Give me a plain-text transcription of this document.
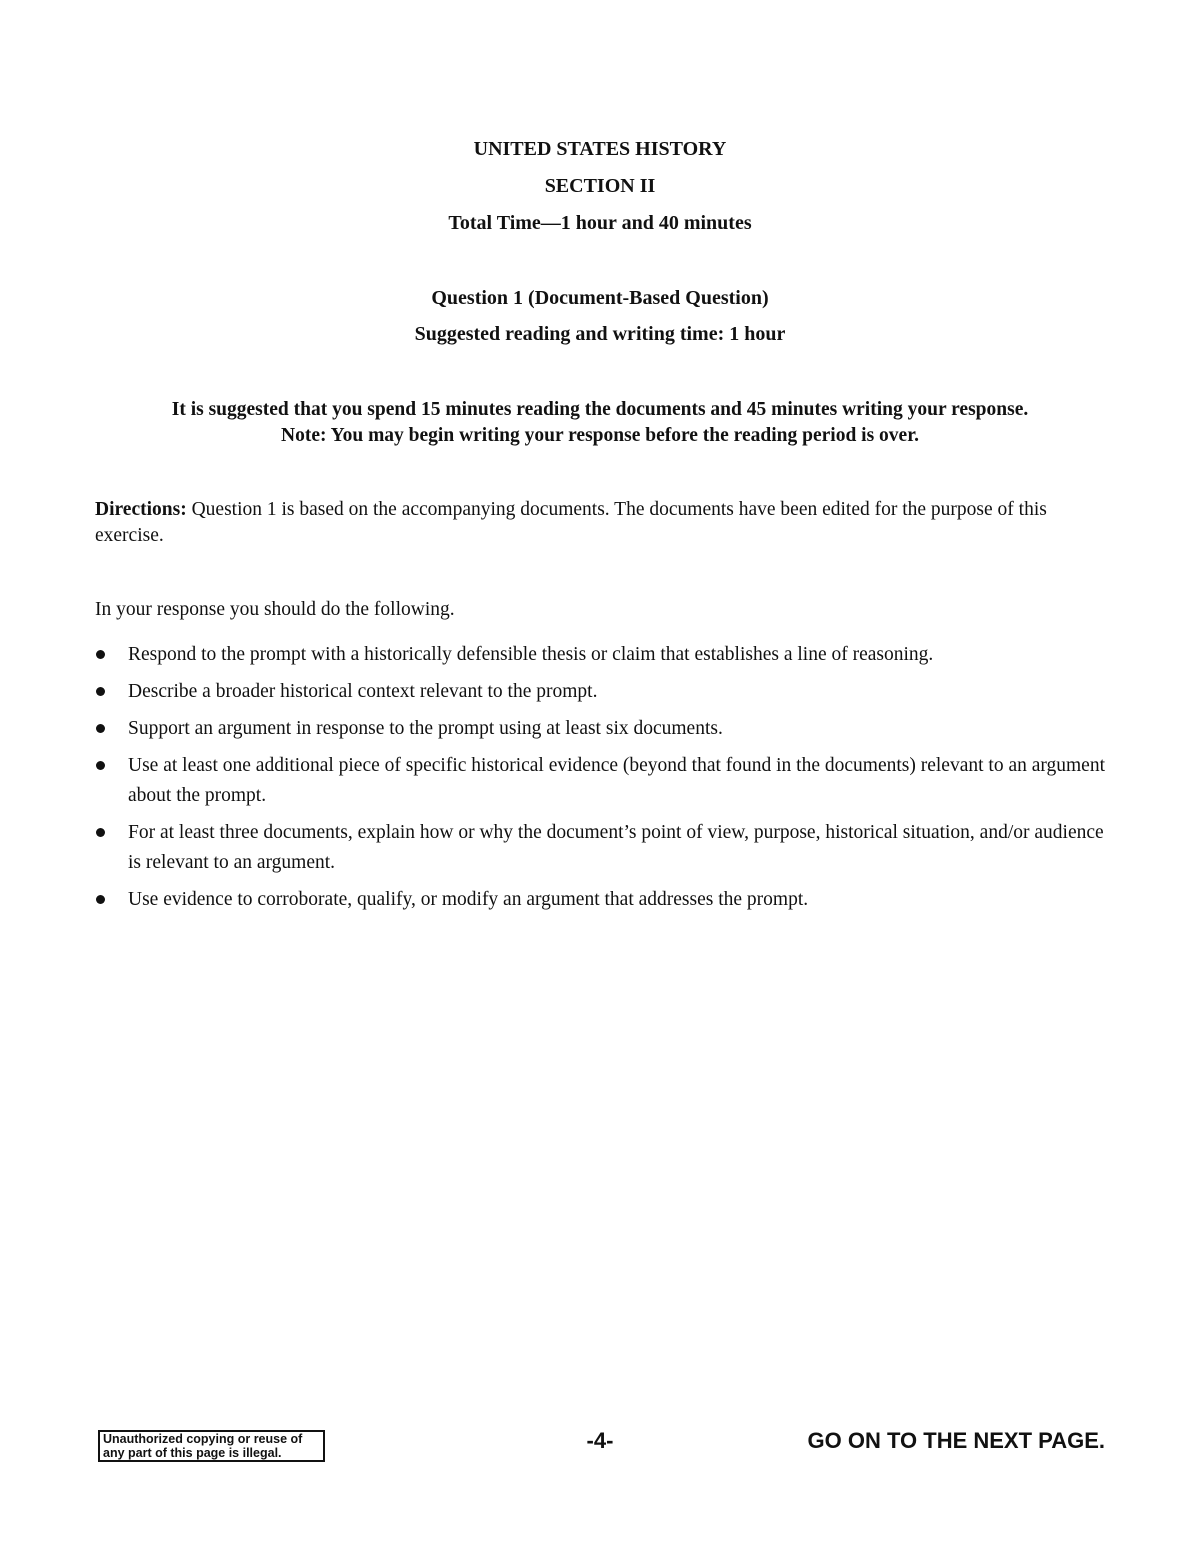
UNITED STATES HISTORY
SECTION II
Total Time—1 hour and 40 minutes
Question 1 (Document-Based Question)
Suggested reading and writing time: 1 hour
It is suggested that you spend 15 minutes reading the documents and 45 minutes writing your response.
Note: You may begin writing your response before the reading period is over.
Directions: Question 1 is based on the accompanying documents. The documents have been edited for the purpose of this exercise.
In your response you should do the following.
Respond to the prompt with a historically defensible thesis or claim that establishes a line of reasoning.
Describe a broader historical context relevant to the prompt.
Support an argument in response to the prompt using at least six documents.
Use at least one additional piece of specific historical evidence (beyond that found in the documents) relevant to an argument about the prompt.
For at least three documents, explain how or why the document’s point of view, purpose, historical situation, and/or audience is relevant to an argument.
Use evidence to corroborate, qualify, or modify an argument that addresses the prompt.
Unauthorized copying or reuse of any part of this page is illegal.	-4-	GO ON TO THE NEXT PAGE.
